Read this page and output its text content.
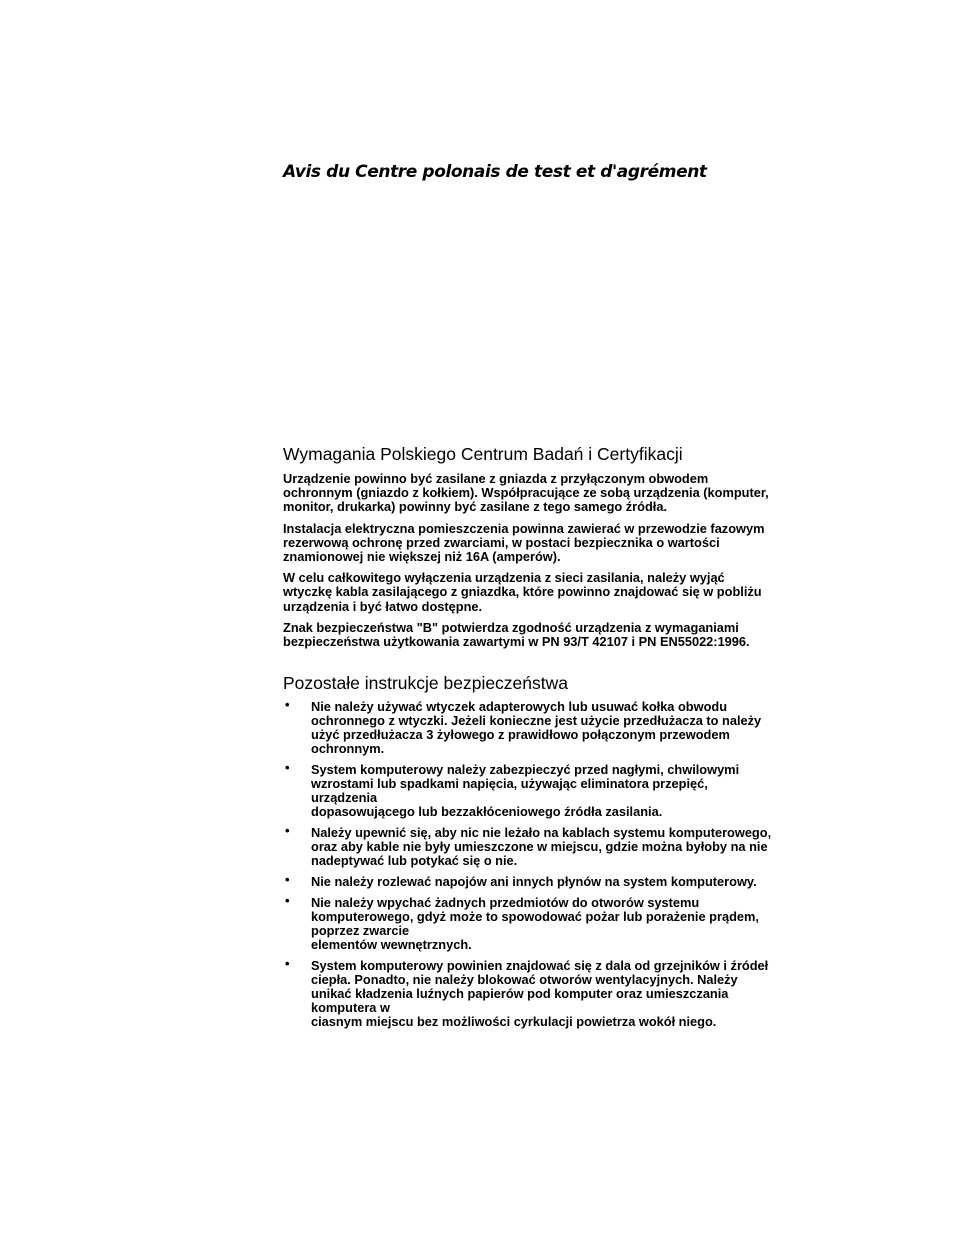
Avis du Centre polonais de test et d'agrément
Wymagania Polskiego Centrum Badań i Certyfikacji

Urządzenie powinno być zasilane z gniazda z przyłączonym obwodem
ochronnym (gniazdo z kołkiem). Współpracujące ze sobą urządzenia (komputer,
monitor, drukarka) powinny być zasilane z tego samego źródła.

Instalacja elektryczna pomieszczenia powinna zawierać w przewodzie fazowym
rezerwową ochronę przed zwarciami, w postaci bezpiecznika o wartości
znamionowej nie większej niż 16A (amperów).

W celu całkowitego wyłączenia urządzenia z sieci zasilania, należy wyjąć
wtyczkę kabla zasilającego z gniazdka, które powinno znajdować się w pobliżu
urządzenia i być łatwo dostępne.

Znak bezpieczeństwa "B" potwierdza zgodność urządzenia z wymaganiami
bezpieczeństwa użytkowania zawartymi w PN 93/T 42107 i PN EN55022:1996.

Pozostałe instrukcje bezpieczeństwa
• Nie należy używać wtyczek adapterowych lub usuwać kołka obwodu
ochronnego z wtyczki. Jeżeli konieczne jest użycie przedłużacza to należy
użyć przedłużacza 3 żyłowego z prawidłowo połączonym przewodem
ochronnym.
• System komputerowy należy zabezpieczyć przed nagłymi, chwilowymi
wzrostami lub spadkami napięcia, używając eliminatora przepięć,
urządzenia
dopasowującego lub bezzakłóceniowego źródła zasilania.
• Należy upewnić się, aby nic nie leżało na kablach systemu komputerowego,
oraz aby kable nie były umieszczone w miejscu, gdzie można byłoby na nie
nadeptywać lub potykać się o nie.
• Nie należy rozlewać napojów ani innych płynów na system komputerowy.
• Nie należy wpychać żadnych przedmiotów do otworów systemu
komputerowego, gdyż może to spowodować pożar lub porażenie prądem,
poprzez zwarcie
elementów wewnętrznych.
• System komputerowy powinien znajdować się z dala od grzejników i źródeł
ciepła. Ponadto, nie należy blokować otworów wentylacyjnych. Należy
unikać kładzenia luźnych papierów pod komputer oraz umieszczania
komputera w
ciasnym miejscu bez możliwości cyrkulacji powietrza wokół niego.
